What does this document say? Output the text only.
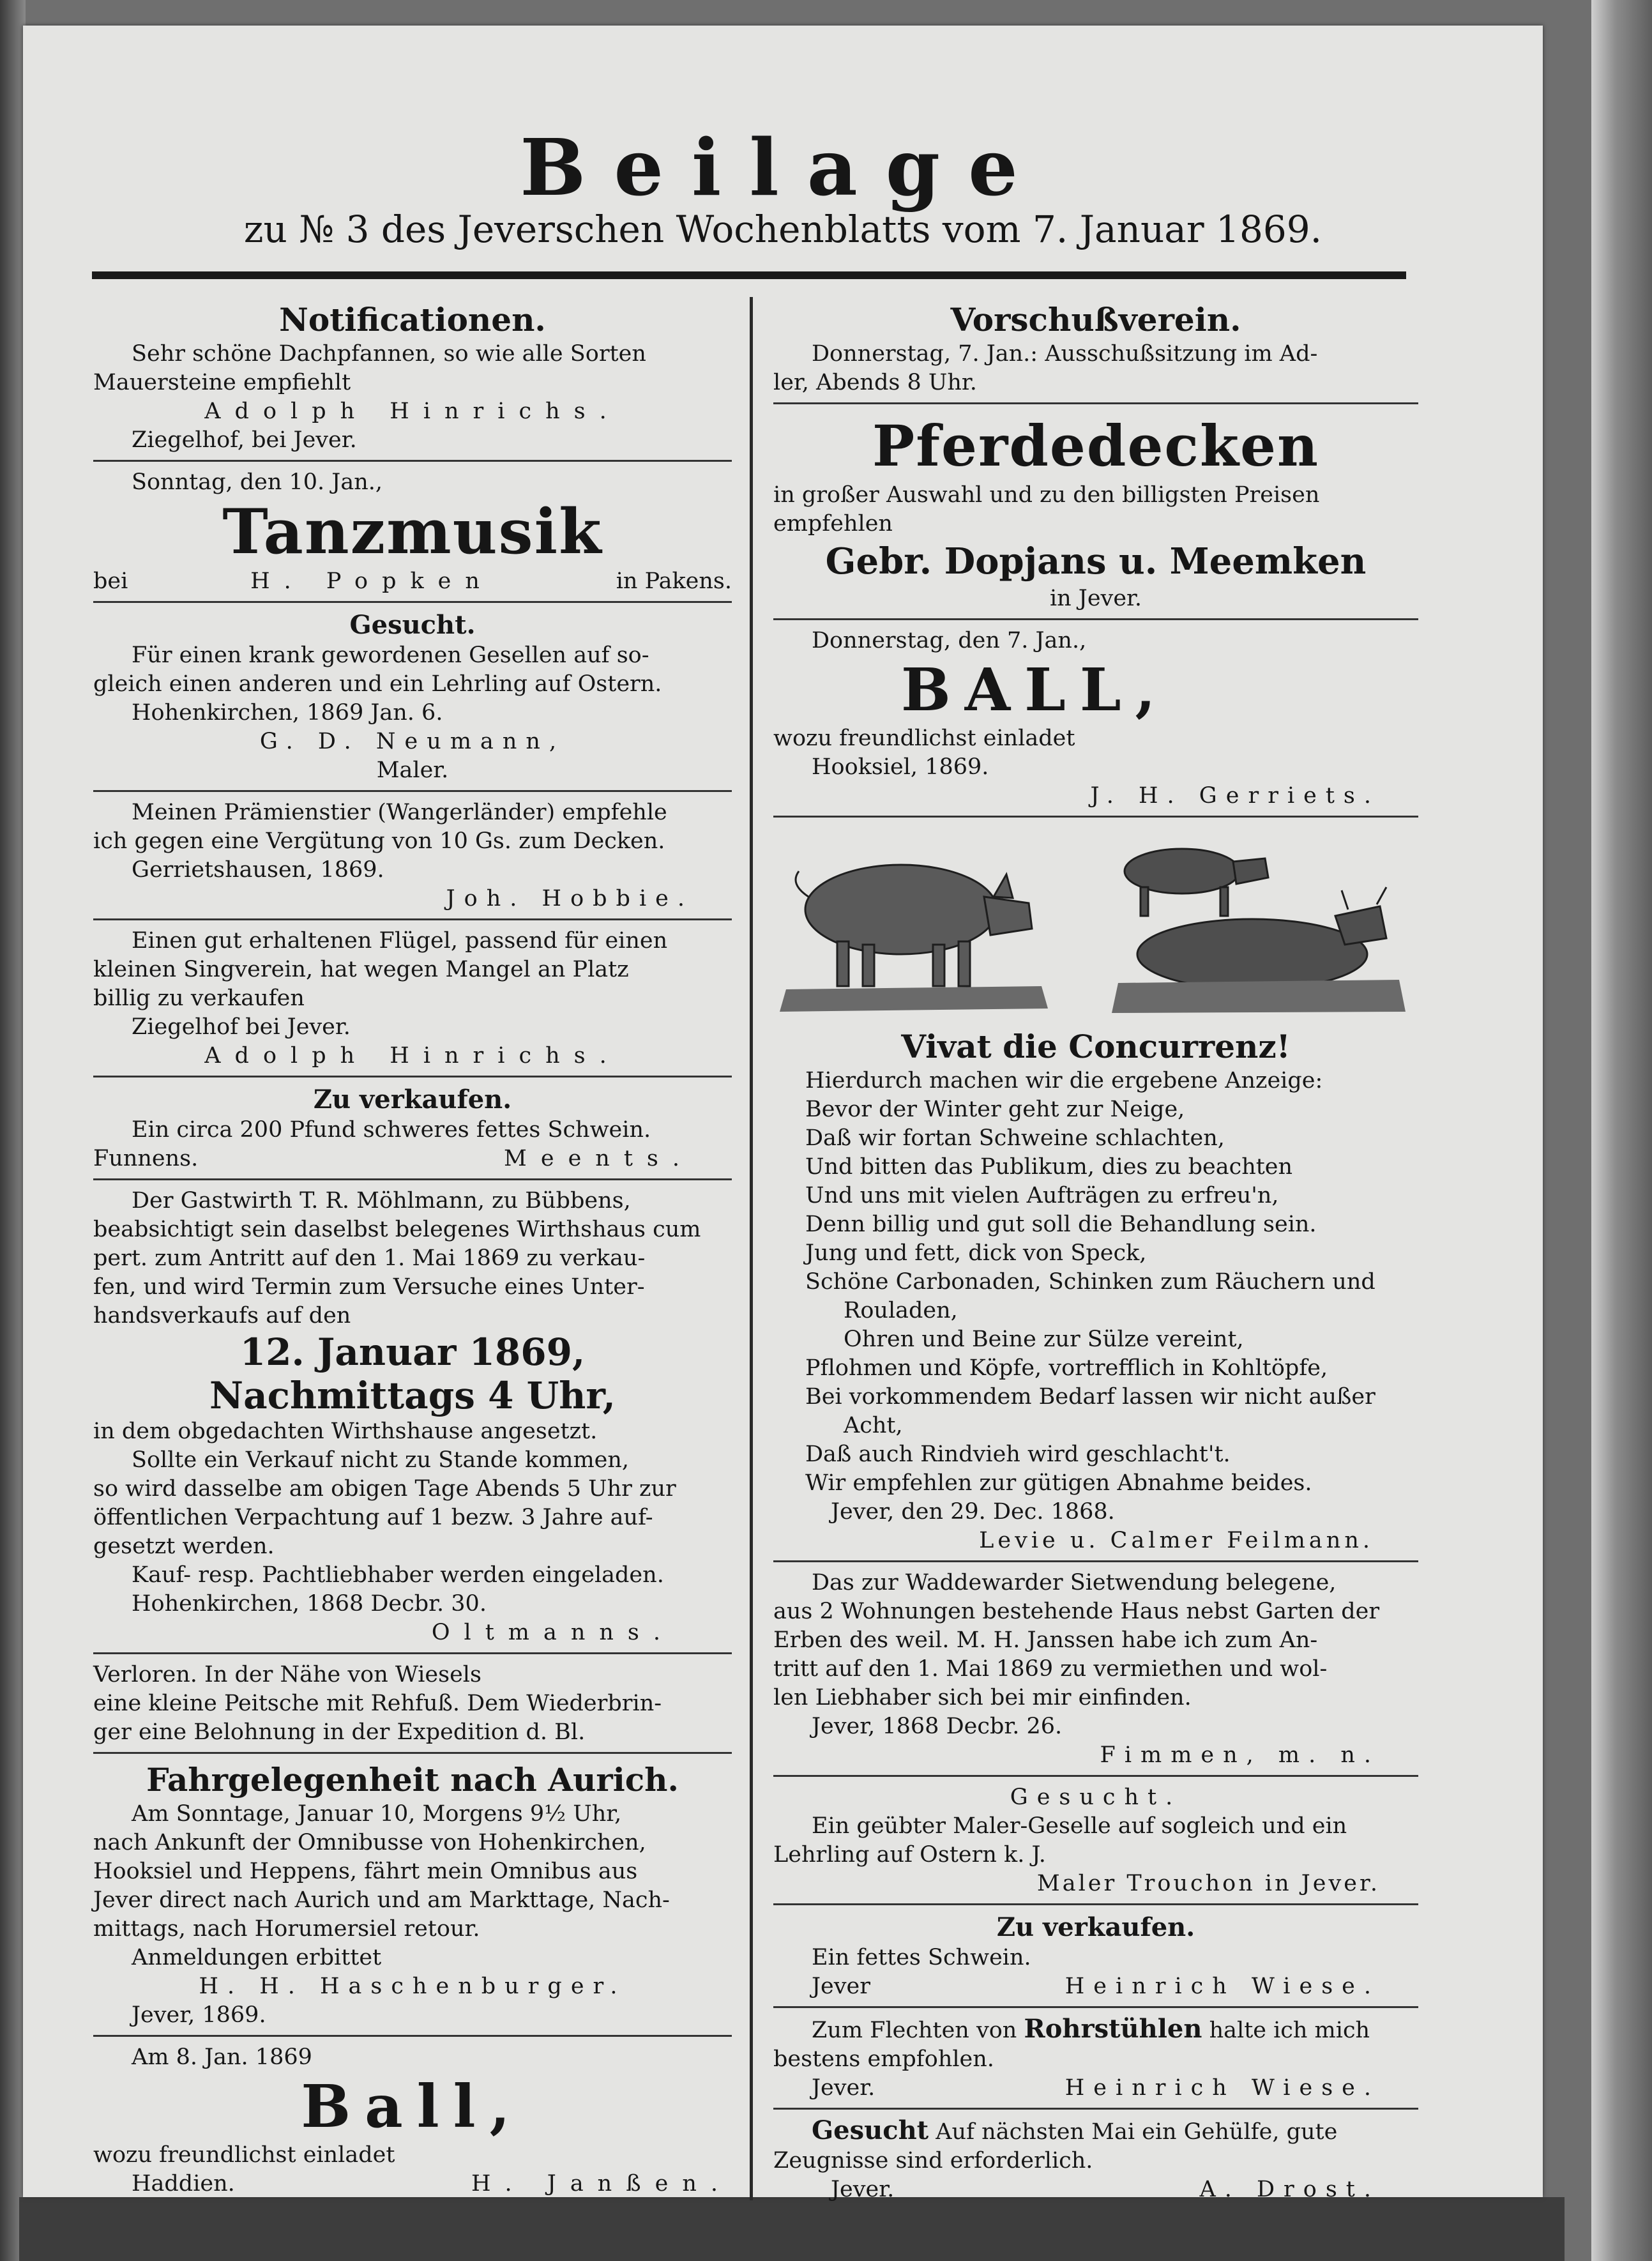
Beilage
zu № 3 des Jeverschen Wochenblatts vom 7. Januar 1869.

Notificationen.

Sehr schöne Dachpfannen, so wie alle Sorten

Mauersteine empfiehlt

Adolph Hinrichs.

Ziegelhof, bei Jever.

Sonntag, den 10. Jan.,

Tanzmusik

bei	H. Popken	in Pakens.

Gesucht.

Für einen krank gewordenen Gesellen auf so-

gleich einen anderen und ein Lehrling auf Ostern.

Hohenkirchen, 1869 Jan. 6.

G. D. Neumann,

Maler.

Meinen Prämienstier (Wangerländer) empfehle

ich gegen eine Vergütung von 10 Gs. zum Decken.

Gerrietshausen, 1869.

Joh. Hobbie.

Einen gut erhaltenen Flügel, passend für einen

kleinen Singverein, hat wegen Mangel an Platz

billig zu verkaufen

Ziegelhof bei Jever.

Adolph Hinrichs.

Zu verkaufen.

Ein circa 200 Pfund schweres fettes Schwein.

Funnens.	Meents.

Der Gastwirth T. R. Möhlmann, zu Bübbens,

beabsichtigt sein daselbst belegenes Wirthshaus cum

pert. zum Antritt auf den 1. Mai 1869 zu verkau-

fen, und wird Termin zum Versuche eines Unter-

handsverkaufs auf den

12. Januar 1869,

Nachmittags 4 Uhr,

in dem obgedachten Wirthshause angesetzt.

Sollte ein Verkauf nicht zu Stande kommen,

so wird dasselbe am obigen Tage Abends 5 Uhr zur

öffentlichen Verpachtung auf 1 bezw. 3 Jahre auf-

gesetzt werden.

Kauf- resp. Pachtliebhaber werden eingeladen.

Hohenkirchen, 1868 Decbr. 30.

Oltmanns.

Verloren. In der Nähe von Wiesels

eine kleine Peitsche mit Rehfuß. Dem Wiederbrin-

ger eine Belohnung in der Expedition d. Bl.

Fahrgelegenheit nach Aurich.

Am Sonntage, Januar 10, Morgens 9½ Uhr,

nach Ankunft der Omnibusse von Hohenkirchen,

Hooksiel und Heppens, fährt mein Omnibus aus

Jever direct nach Aurich und am Markttage, Nach-

mittags, nach Horumersiel retour.

Anmeldungen erbittet

H. H. Haschenburger.

Jever, 1869.

Am 8. Jan. 1869

Ball,

wozu freundlichst einladet

Haddien.	H. Janßen.

Vorschußverein.

Donnerstag, 7. Jan.: Ausschußsitzung im Ad-

ler, Abends 8 Uhr.

Pferdedecken

in großer Auswahl und zu den billigsten Preisen

empfehlen

Gebr. Dopjans u. Meemken

in Jever.

Donnerstag, den 7. Jan.,

BALL,

wozu freundlichst einladet

Hooksiel, 1869.

J. H. Gerriets.

Vivat die Concurrenz!

Hierdurch machen wir die ergebene Anzeige:

Bevor der Winter geht zur Neige,

Daß wir fortan Schweine schlachten,

Und bitten das Publikum, dies zu beachten

Und uns mit vielen Aufträgen zu erfreu'n,

Denn billig und gut soll die Behandlung sein.

Jung und fett, dick von Speck,

Schöne Carbonaden, Schinken zum Räuchern und

Rouladen,

Ohren und Beine zur Sülze vereint,

Pflohmen und Köpfe, vortrefflich in Kohltöpfe,

Bei vorkommendem Bedarf lassen wir nicht außer

Acht,

Daß auch Rindvieh wird geschlacht't.

Wir empfehlen zur gütigen Abnahme beides.

Jever, den 29. Dec. 1868.

Levie u. Calmer Feilmann.

Das zur Waddewarder Sietwendung belegene,

aus 2 Wohnungen bestehende Haus nebst Garten der

Erben des weil. M. H. Janssen habe ich zum An-

tritt auf den 1. Mai 1869 zu vermiethen und wol-

len Liebhaber sich bei mir einfinden.

Jever, 1868 Decbr. 26.

Fimmen, m. n.

Gesucht.

Ein geübter Maler-Geselle auf sogleich und ein

Lehrling auf Ostern k. J.

Maler Trouchon in Jever.

Zu verkaufen.

Ein fettes Schwein.

Jever	Heinrich Wiese.

Zum Flechten von Rohrstühlen halte ich mich

bestens empfohlen.

Jever.	Heinrich Wiese.

Gesucht Auf nächsten Mai ein Gehülfe, gute

Zeugnisse sind erforderlich.

Jever.	A. Drost.
